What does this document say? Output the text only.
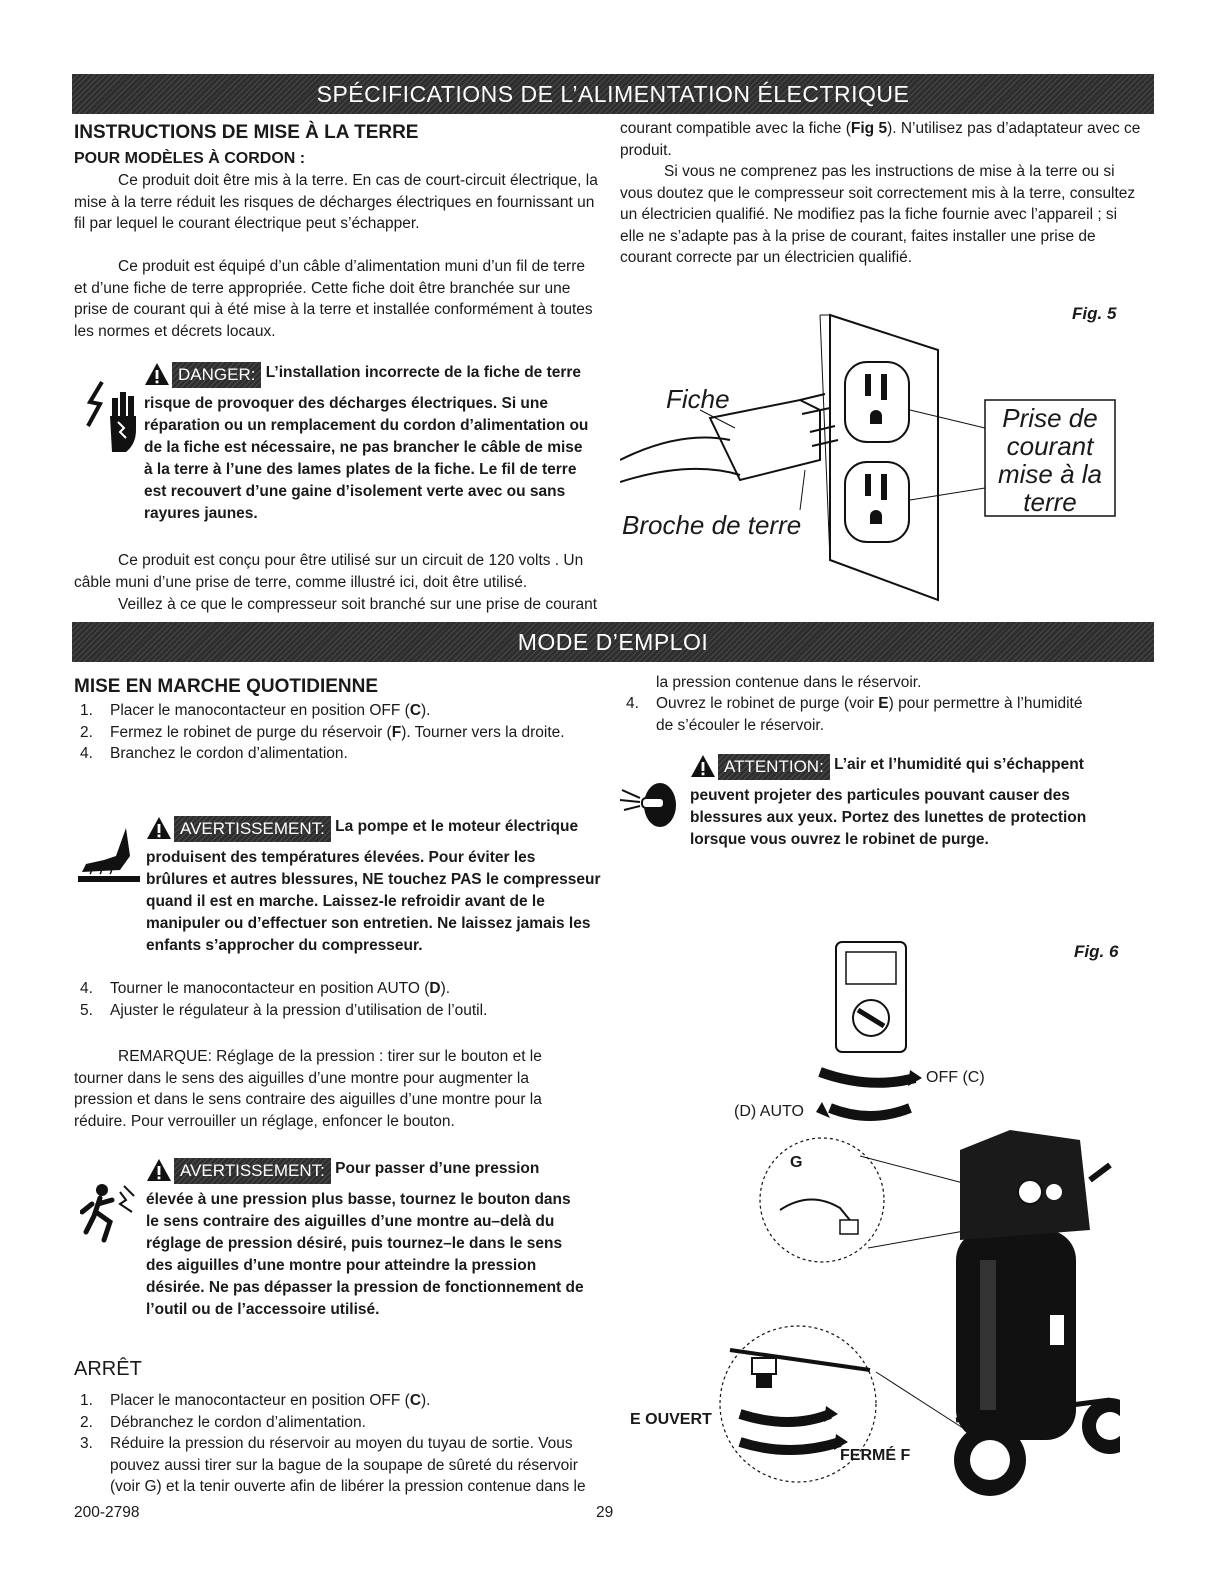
SPÉCIFICATIONS DE L’ALIMENTATION ÉLECTRIQUE
INSTRUCTIONS DE MISE À LA TERRE
POUR MODÈLES À CORDON :
Ce produit doit être mis à la terre. En cas de court-circuit électrique, la mise à la terre réduit les risques de décharges électriques en fournissant un fil par lequel le courant électrique peut s’échapper.
Ce produit est équipé d’un câble d’alimentation muni d’un fil de terre et d’une fiche de terre appropriée. Cette fiche doit être branchée sur une prise de courant qui à été mise à la terre et installée conformément à toutes les normes et décrets locaux.
DANGER: L’installation incorrecte de la fiche de terre risque de provoquer des décharges électriques. Si une réparation ou un remplacement du cordon d’alimentation ou de la fiche est nécessaire, ne pas brancher le câble de mise à la terre à l’une des lames plates de la fiche. Le fil de terre est recouvert d’une gaine d’isolement verte avec ou sans rayures jaunes.
Ce produit est conçu pour être utilisé sur un circuit de 120 volts . Un câble muni d’une prise de terre, comme illustré ici, doit être utilisé.
Veillez à ce que le compresseur soit branché sur une prise de courant
courant compatible avec la fiche (Fig 5). N’utilisez pas d’adaptateur avec ce produit.
Si vous ne comprenez pas les instructions de mise à la terre ou si vous doutez que le compresseur soit correctement mis à la terre, consultez un électricien qualifié. Ne modifiez pas la fiche fournie avec l’appareil ; si elle ne s’adapte pas à la prise de courant, faites installer une prise de courant correcte par un électricien qualifié.
Fig. 5
Fiche
Broche de terre
Prise de
courant
mise à la
terre
MODE D’EMPLOI
MISE EN MARCHE QUOTIDIENNE
1. Placer le manocontacteur en position OFF (C).
2. Fermez le robinet de purge du réservoir (F). Tourner vers la droite.
4. Branchez le cordon d’alimentation.
AVERTISSEMENT: La pompe et le moteur électrique produisent des températures élevées. Pour éviter les brûlures et autres blessures, NE touchez PAS le compresseur quand il est en marche. Laissez-le refroidir avant de le manipuler ou d’effectuer son entretien. Ne laissez jamais les enfants s’approcher du compresseur.
4. Tourner le manocontacteur en position AUTO (D).
5. Ajuster le régulateur à la pression d’utilisation de l’outil.
REMARQUE: Réglage de la pression : tirer sur le bouton et le tourner dans le sens des aiguilles d’une montre pour augmenter la pression et dans le sens contraire des aiguilles d’une montre pour la réduire. Pour verrouiller un réglage, enfoncer le bouton.
AVERTISSEMENT: Pour passer d’une pression élevée à une pression plus basse, tournez le bouton dans le sens contraire des aiguilles d’une montre au–delà du réglage de pression désiré, puis tournez–le dans le sens des aiguilles d’une montre pour atteindre la pression désirée. Ne pas dépasser la pression de fonctionnement de l’outil ou de l’accessoire utilisé.
ARRÊT
1. Placer le manocontacteur en position OFF (C).
2. Débranchez le cordon d’alimentation.
3. Réduire la pression du réservoir au moyen du tuyau de sortie. Vous pouvez aussi tirer sur la bague de la soupape de sûreté du réservoir (voir G) et la tenir ouverte afin de libérer la pression contenue dans le
la pression contenue dans le réservoir.
4. Ouvrez le robinet de purge (voir E) pour permettre à l’humidité de s’écouler le réservoir.
ATTENTION: L’air et l’humidité qui s’échappent peuvent projeter des particules pouvant causer des blessures aux yeux. Portez des lunettes de protection lorsque vous ouvrez le robinet de purge.
Fig. 6
OFF (C)
(D) AUTO
G
E OUVERT
FERMÉ F
200-2798	29
